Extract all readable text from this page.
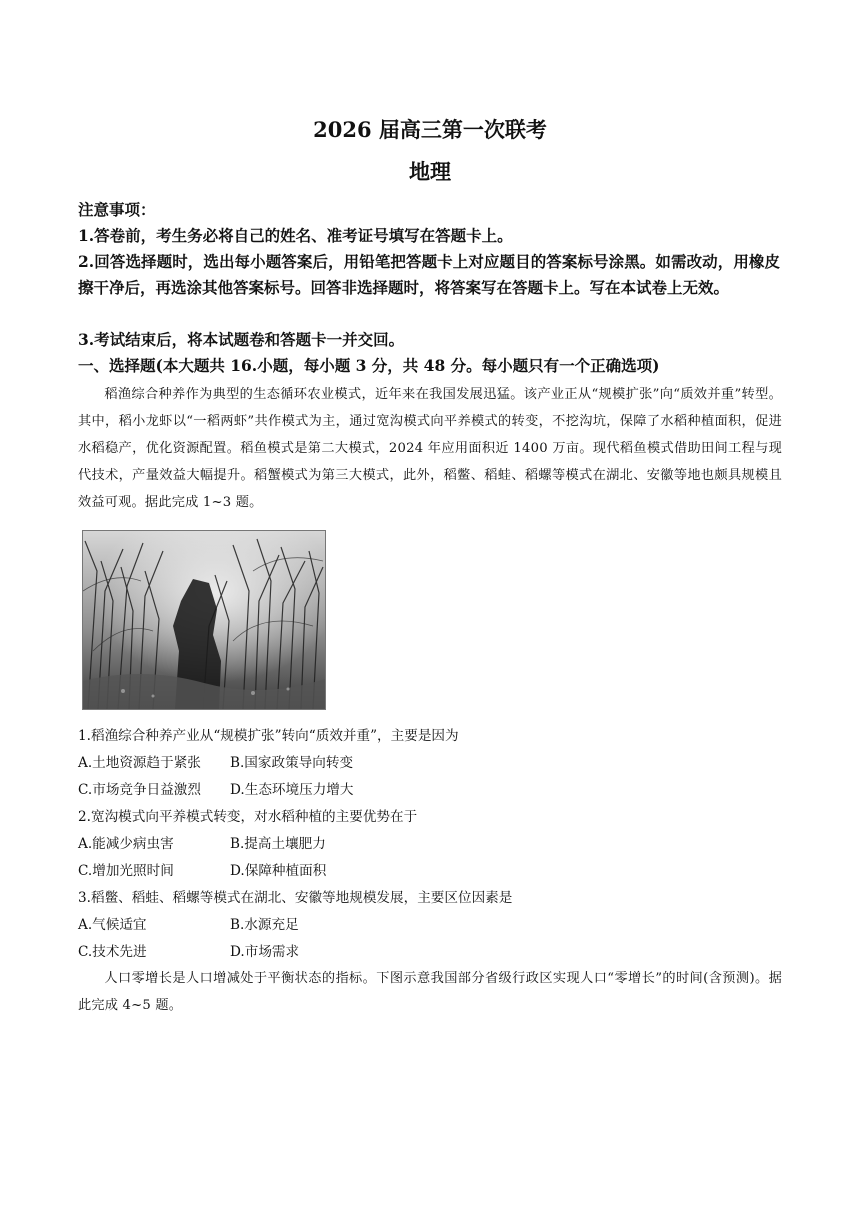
2026 届高三第一次联考
地理
注意事项：
1.答卷前，考生务必将自己的姓名、准考证号填写在答题卡上。
2.回答选择题时，选出每小题答案后，用铅笔把答题卡上对应题目的答案标号涂黑。如需改动，用橡皮擦干净后，再选涂其他答案标号。回答非选择题时，将答案写在答题卡上。写在本试卷上无效。
3.考试结束后，将本试题卷和答题卡一并交回。
一、选择题(本大题共 16.小题，每小题 3 分，共 48 分。每小题只有一个正确选项)
稻渔综合种养作为典型的生态循环农业模式，近年来在我国发展迅猛。该产业正从“规模扩张”向“质效并重”转型。其中，稻小龙虾以“一稻两虾”共作模式为主，通过宽沟模式向平养模式的转变，不挖沟坑，保障了水稻种植面积，促进水稻稳产，优化资源配置。稻鱼模式是第二大模式，2024 年应用面积近 1400 万亩。现代稻鱼模式借助田间工程与现代技术，产量效益大幅提升。稻蟹模式为第三大模式，此外，稻鳖、稻蛙、稻螺等模式在湖北、安徽等地也颇具规模且效益可观。据此完成 1~3 题。
1.稻渔综合种养产业从“规模扩张”转向“质效并重”，主要是因为
A.土地资源趋于紧张 B.国家政策导向转变
C.市场竞争日益激烈 D.生态环境压力增大
2.宽沟模式向平养模式转变，对水稻种植的主要优势在于
A.能减少病虫害	B.提高土壤肥力
C.增加光照时间	D.保障种植面积
3.稻鳖、稻蛙、稻螺等模式在湖北、安徽等地规模发展，主要区位因素是
A.气候适宜	B.水源充足
C.技术先进	D.市场需求
人口零增长是人口增减处于平衡状态的指标。下图示意我国部分省级行政区实现人口“零增长”的时间(含预测)。据此完成 4~5 题。
